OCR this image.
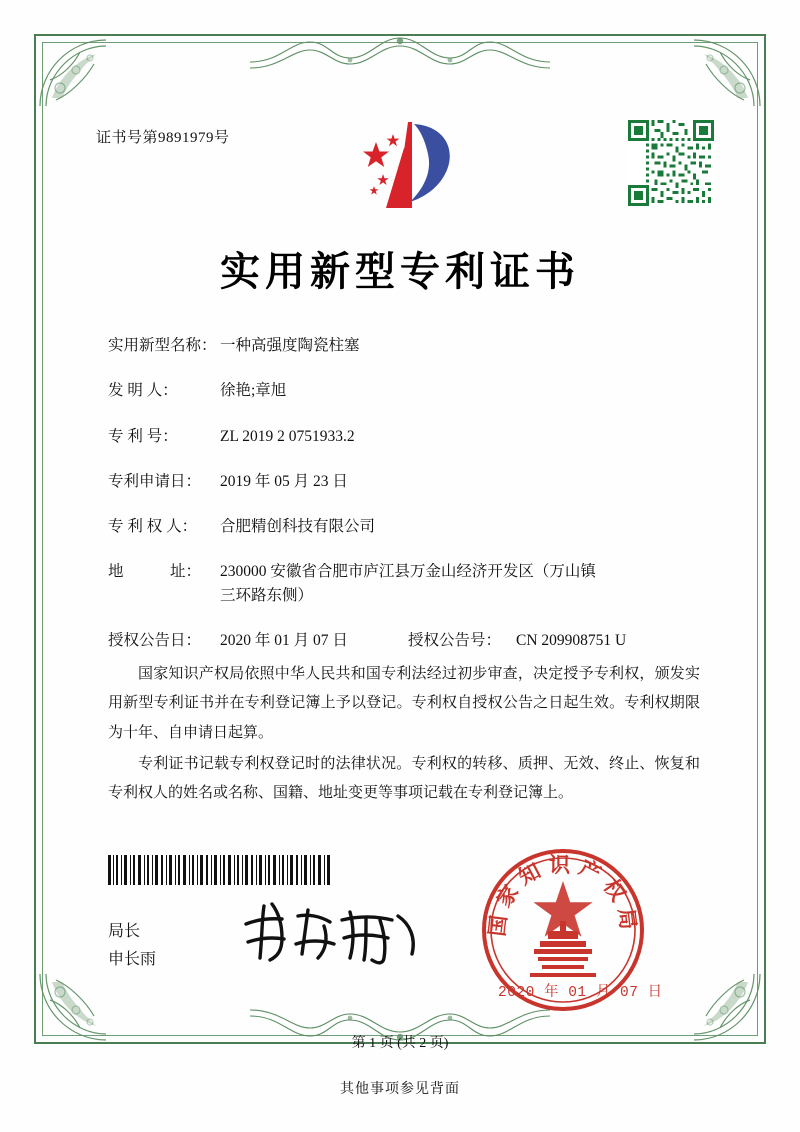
证书号第9891979号
实用新型专利证书
实用新型名称： 一种高强度陶瓷柱塞
发 明 人：	徐艳;章旭
专 利 号：	ZL 2019 2 0751933.2
专利申请日：	2019 年 05 月 23 日
专 利 权 人：	合肥精创科技有限公司
地　　　址：	230000 安徽省合肥市庐江县万金山经济开发区（万山镇
三环路东侧）
授权公告日：	2020 年 01 月 07 日	授权公告号： CN 209908751 U

国家知识产权局依照中华人民共和国专利法经过初步审查，决定授予专利权，颁发实用新型专利证书并在专利登记簿上予以登记。专利权自授权公告之日起生效。专利权期限为十年、自申请日起算。

专利证书记载专利权登记时的法律状况。专利权的转移、质押、无效、终止、恢复和专利权人的姓名或名称、国籍、地址变更等事项记载在专利登记簿上。

局长
申长雨
国家知识产权局
2020 年 01 月 07 日
第 1 页 (共 2 页)
其他事项参见背面
